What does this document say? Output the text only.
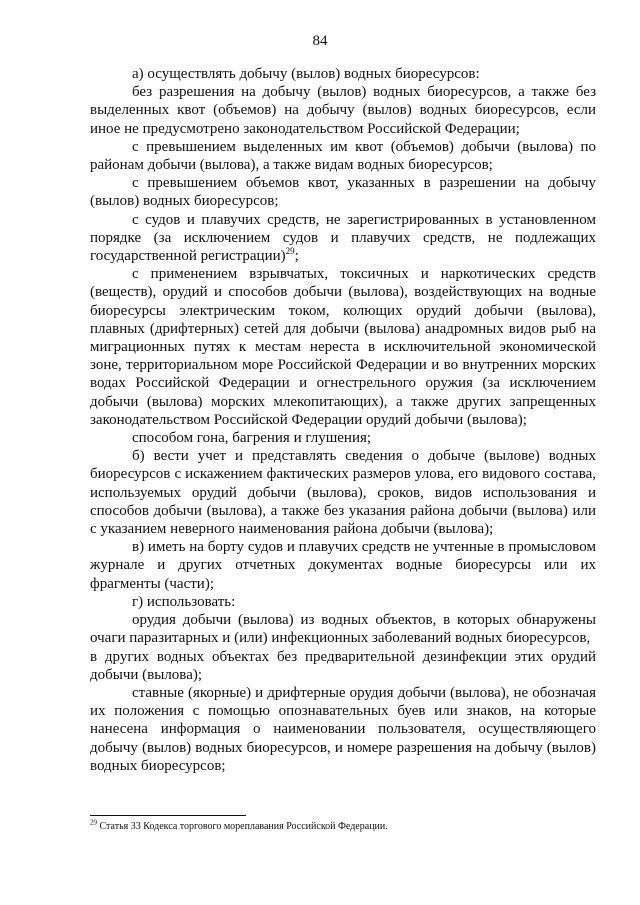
84

а) осуществлять добычу (вылов) водных биоресурсов:

без разрешения на добычу (вылов) водных биоресурсов, а также без выделенных квот (объемов) на добычу (вылов) водных биоресурсов, если иное не предусмотрено законодательством Российской Федерации;

с превышением выделенных им квот (объемов) добычи (вылова) по районам добычи (вылова), а также видам водных биоресурсов;

с превышением объемов квот, указанных в разрешении на добычу (вылов) водных биоресурсов;

с судов и плавучих средств, не зарегистрированных в установленном порядке (за исключением судов и плавучих средств, не подлежащих государственной регистрации)$^{29}$;

с применением взрывчатых, токсичных и наркотических средств (веществ), орудий и способов добычи (вылова), воздействующих на водные биоресурсы электрическим током, колющих орудий добычи (вылова), плавных (дрифтерных) сетей для добычи (вылова) анадромных видов рыб на миграционных путях к местам нереста в исключительной экономической зоне, территориальном море Российской Федерации и во внутренних морских водах Российской Федерации и огнестрельного оружия (за исключением добычи (вылова) морских млекопитающих), а также других запрещенных законодательством Российской Федерации орудий добычи (вылова);

способом гона, багрения и глушения;

б) вести учет и представлять сведения о добыче (вылове) водных биоресурсов с искажением фактических размеров улова, его видового состава, используемых орудий добычи (вылова), сроков, видов использования и способов добычи (вылова), а также без указания района добычи (вылова) или с указанием неверного наименования района добычи (вылова);

в) иметь на борту судов и плавучих средств не учтенные в промысловом журнале и других отчетных документах водные биоресурсы или их фрагменты (части);

г) использовать:

орудия добычи (вылова) из водных объектов, в которых обнаружены очаги паразитарных и (или) инфекционных заболеваний водных биоресурсов,

в других водных объектах без предварительной дезинфекции этих орудий добычи (вылова);

ставные (якорные) и дрифтерные орудия добычи (вылова), не обозначая их положения с помощью опознавательных буев или знаков, на которые нанесена информация о наименовании пользователя, осуществляющего добычу (вылов) водных биоресурсов, и номере разрешения на добычу (вылов) водных биоресурсов;

$^{29}$ Статья 33 Кодекса торгового мореплавания Российской Федерации.
